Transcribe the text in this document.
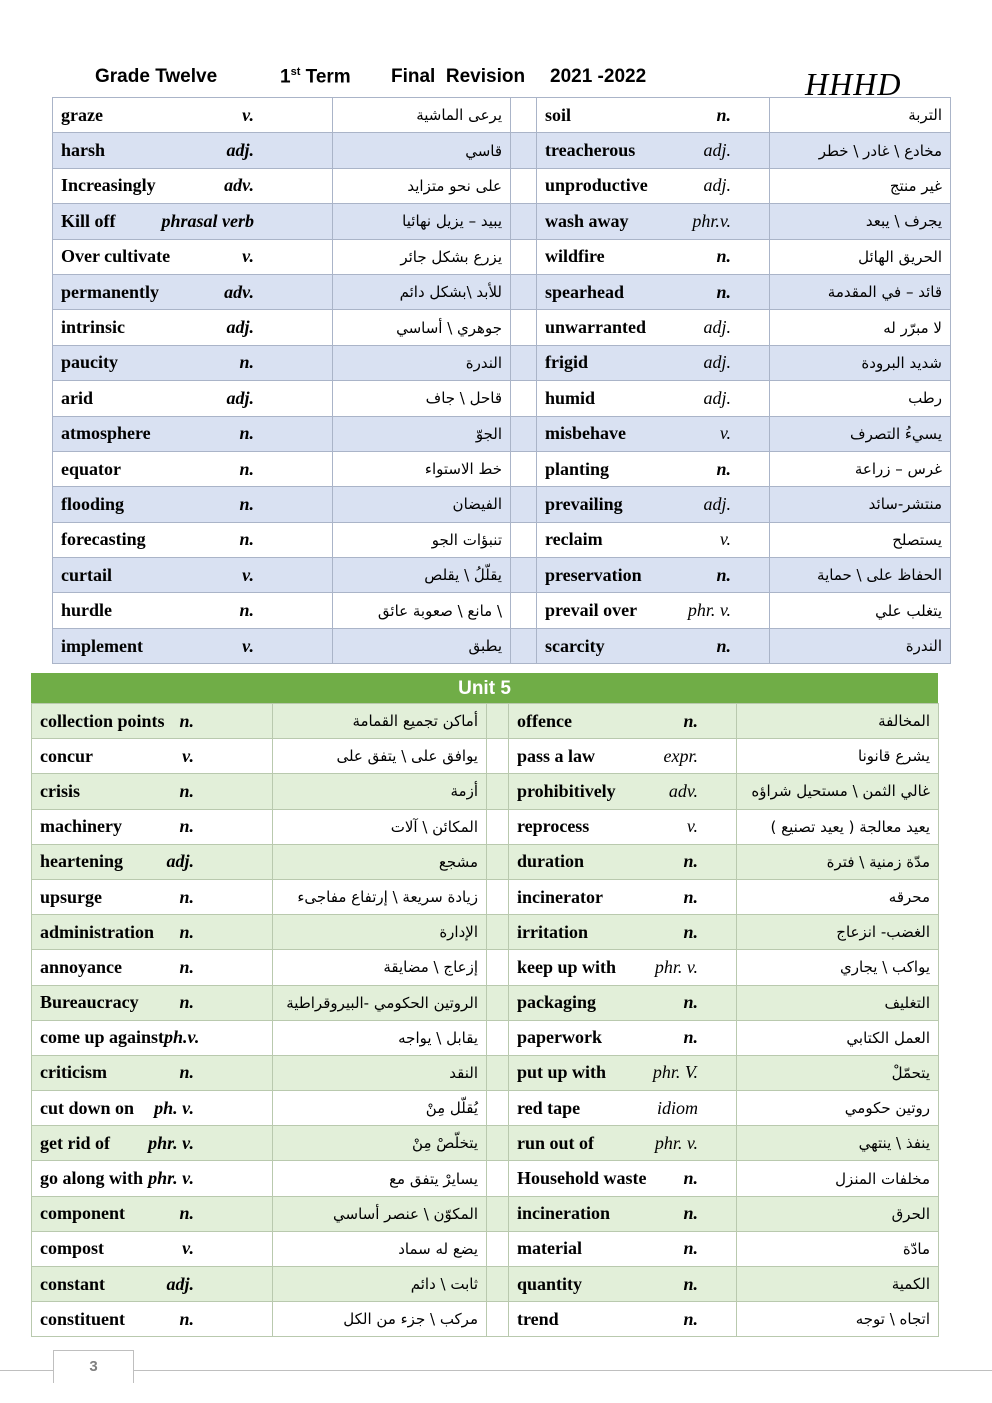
Grade Twelve	1st Term Final  Revision 2021 -2022	HHHD
graze v.	يرعى الماشية		soil n.	التربة

harsh adj.	قاسي		treacherous adj.	مخادع \ غادر \ خطر

Increasingly adv.	على نحو متزايد		unproductive adj.	غير منتج

Kill off phrasal verb	يبيد – يزيل نهائيا		wash away phr.v.	يجرف \ يبعد

Over cultivate v.	يزرع بشكل جائر		wildfire n.	الحريق الهائل

permanently adv.	للأبد \بشكل دائم		spearhead n.	قائد – في المقدمة

intrinsic adj.	جوهري \ أساسي		unwarranted adj.	لا مبرّر له

paucity n.	الندرة		frigid adj.	شديد البرودة

arid adj.	قاحل \ جاف		humid adj.	رطب

atmosphere n.	الجوّ		misbehave v.	يسيءُ التصرف

equator n.	خط الاستواء		planting n.	غرس – زراعة

flooding n.	الفيضان		prevailing adj.	منتشر-سائد

forecasting n.	تنبؤات الجو		reclaim v.	يستصلح

curtail v.	يقلّلُ \ يقلص		preservation n.	الحفاظ على \ حماية

hurdle n.	\ مانع \ صعوبة عائق		prevail over phr. v.	يتغلب علي

implement v.	يطبق		scarcity n.	الندرة
Unit 5
collection points n.	أماكن تجميع القمامة		offence n.	المخالفة

concur v.	يوافق على \ يتفق على		pass a law expr.	يشرع قانونا

crisis n.	أزمة		prohibitively adv.	غالي الثمن \ مستحيل شراؤه

machinery n.	المكائن \ آلات		reprocess v.	يعيد معالجة ( يعيد تصنيع )

heartening adj.	مشجع		duration n.	مدّة زمنية \ فترة

upsurge n.	زيادة سريعة \ إرتفاع مفاجىء		incinerator n.	محرقه

administration n.	الإدارة		irritation n.	الغضب- انزعاج

annoyance n.	إزعاج \ مضايقة		keep up with phr. v.	يواكب \ يجاري

Bureaucracy n.	الروتين الحكومي -البيروقراطية		packaging n.	التغليف

come up against ph.v.	يقابل \ يواجه		paperwork n.	العمل الكتابي

criticism n.	النقد		put up with phr. V.	يتحمّلْ

cut down on ph. v.	يُقلّل مِنْ		red tape idiom	روتين حكومي

get rid of phr. v.	يتخلّصْ مِنْ		run out of phr. v.	ينفذ \ ينتهي

go along with phr. v.	يسايرْ يتفق مع		Household waste n.	مخلفات المنزل

component n.	المكوّن \ عنصر أساسي		incineration n.	الحرق

compost v.	يضع له سماد		material n.	مادّة

constant adj.	ثابت \ دائم		quantity n.	الكمية

constituent n.	مركب \ جزء من الكل		trend n.	اتجاه \ توجه
3
